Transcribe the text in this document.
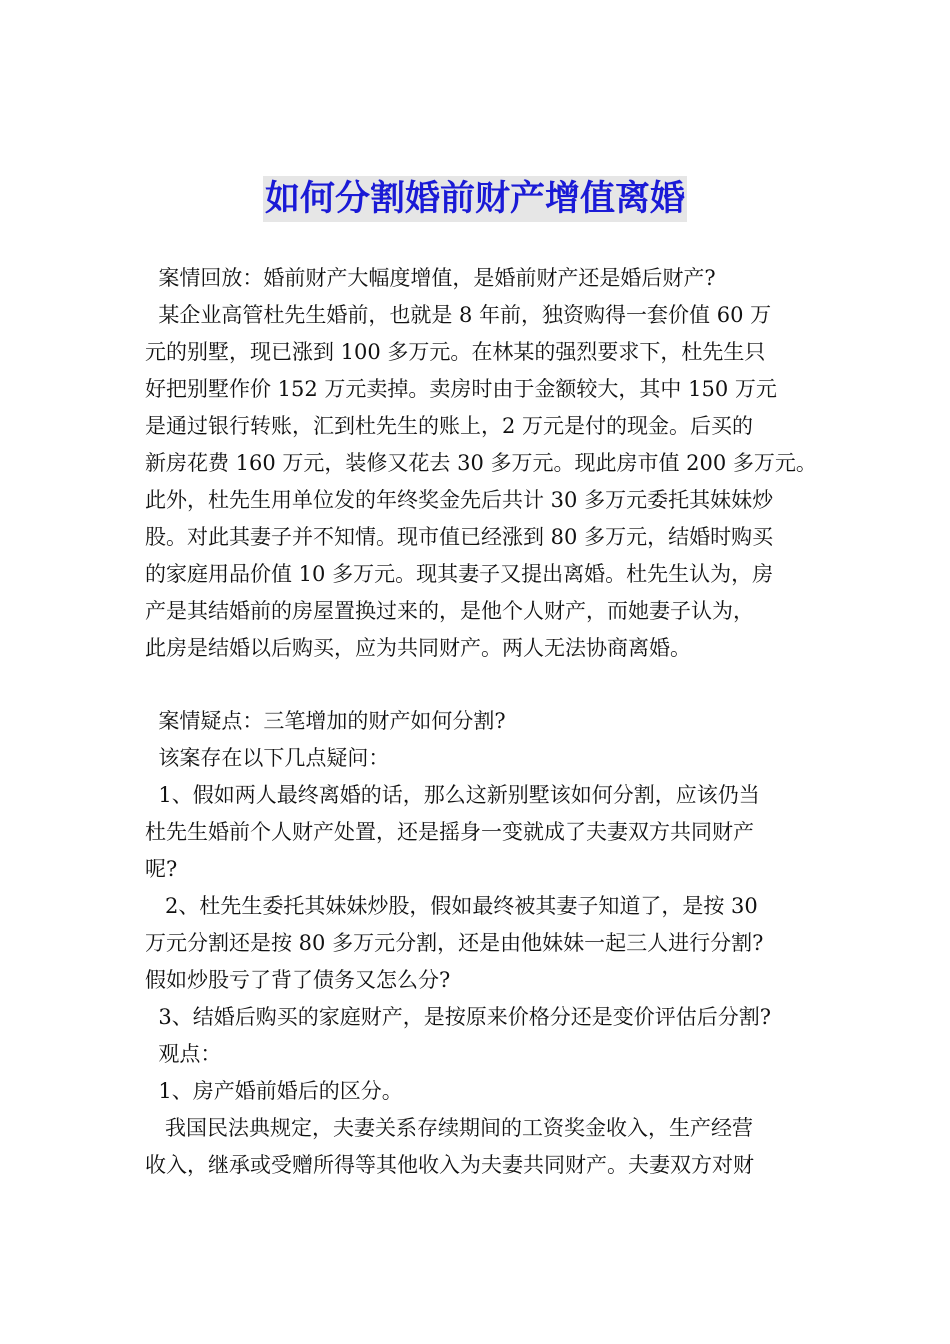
如何分割婚前财产增值离婚
案情回放：婚前财产大幅度增值，是婚前财产还是婚后财产?
某企业高管杜先生婚前，也就是 8 年前，独资购得一套价值 60 万
元的别墅，现已涨到 100 多万元。在林某的强烈要求下，杜先生只
好把别墅作价 152 万元卖掉。卖房时由于金额较大，其中 150 万元
是通过银行转账，汇到杜先生的账上，2 万元是付的现金。后买的
新房花费 160 万元，装修又花去 30 多万元。现此房市值 200 多万元。
此外，杜先生用单位发的年终奖金先后共计 30 多万元委托其妹妹炒
股。对此其妻子并不知情。现市值已经涨到 80 多万元，结婚时购买
的家庭用品价值 10 多万元。现其妻子又提出离婚。杜先生认为，房
产是其结婚前的房屋置换过来的，是他个人财产，而她妻子认为，
此房是结婚以后购买，应为共同财产。两人无法协商离婚。
案情疑点：三笔增加的财产如何分割?
该案存在以下几点疑问：
1、假如两人最终离婚的话，那么这新别墅该如何分割，应该仍当
杜先生婚前个人财产处置，还是摇身一变就成了夫妻双方共同财产
呢?
2、杜先生委托其妹妹炒股，假如最终被其妻子知道了，是按 30
万元分割还是按 80 多万元分割，还是由他妹妹一起三人进行分割?
假如炒股亏了背了债务又怎么分?
3、结婚后购买的家庭财产，是按原来价格分还是变价评估后分割?
观点：
1、房产婚前婚后的区分。
我国民法典规定，夫妻关系存续期间的工资奖金收入，生产经营
收入，继承或受赠所得等其他收入为夫妻共同财产。夫妻双方对财
